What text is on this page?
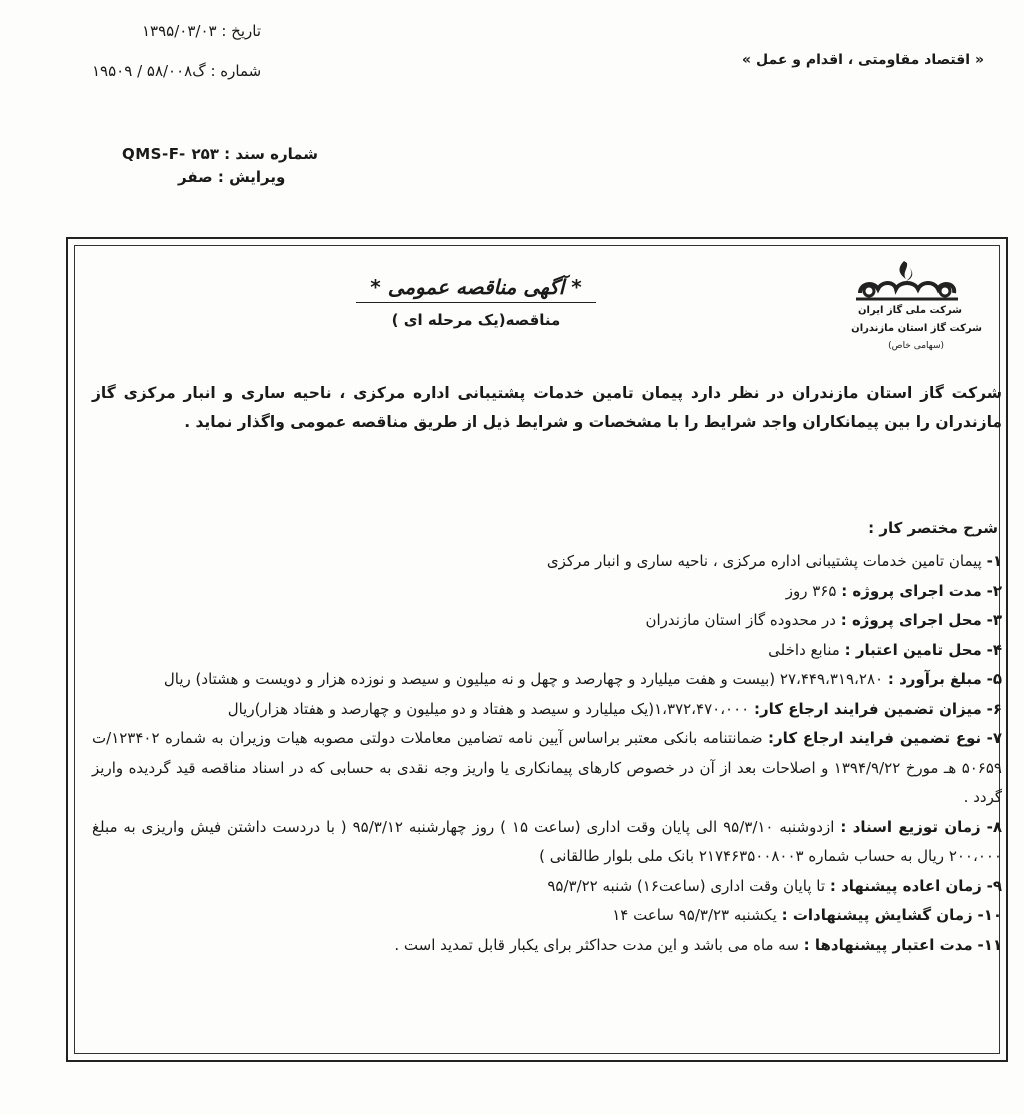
تاریخ : ۱۳۹۵/۰۳/۰۳
شماره : گ۵۸/۰۰۸ / ۱۹۵۰۹
« اقتصاد مقاومتی ، اقدام و عمل »
شماره سند : QMS-F- ۲۵۳
ویرایش : صفر
شرکت ملی گاز ایران
شرکت گاز استان مازندران
(سهامی خاص)
* آگهی مناقصه عمومی *
مناقصه(یک مرحله ای )
شرکت گاز استان مازندران در نظر دارد پیمان تامین خدمات پشتیبانی اداره مرکزی ، ناحیه ساری و انبار مرکزی گاز مازندران را بین پیمانکاران واجد شرایط را با مشخصات و شرایط ذیل از طریق مناقصه عمومی واگذار نماید .
شرح مختصر کار :
۱- پیمان تامین خدمات پشتیبانی اداره مرکزی ، ناحیه ساری و انبار مرکزی
۲- مدت اجرای پروژه : ۳۶۵ روز
۳- محل اجرای پروژه : در محدوده گاز استان مازندران
۴- محل تامین اعتبار : منابع داخلی
۵- مبلغ برآورد : ۲۷،۴۴۹،۳۱۹،۲۸۰ (بیست و هفت میلیارد و چهارصد و چهل و نه میلیون و سیصد و نوزده هزار و دویست و هشتاد) ریال
۶- میزان تضمین فرایند ارجاع کار: ۱،۳۷۲،۴۷۰،۰۰۰(یک میلیارد و سیصد و هفتاد و دو میلیون و چهارصد و هفتاد هزار)ریال
۷- نوع تضمین فرایند ارجاع کار: ضمانتنامه بانکی معتبر براساس آیین نامه تضامین معاملات دولتی مصوبه هیات وزیران به شماره ۱۲۳۴۰۲/ت ۵۰۶۵۹ هـ مورخ ۱۳۹۴/۹/۲۲ و اصلاحات بعد از آن در خصوص کارهای پیمانکاری یا واریز وجه نقدی به حسابی که در اسناد مناقصه قید گردیده واریز گردد .
۸- زمان توزیع اسناد : ازدوشنبه ۹۵/۳/۱۰ الی پایان وقت اداری (ساعت ۱۵ ) روز چهارشنبه ۹۵/۳/۱۲ ( با دردست داشتن فیش واریزی به مبلغ ۲۰۰،۰۰۰ ریال به حساب شماره ۲۱۷۴۶۳۵۰۰۸۰۰۳ بانک ملی بلوار طالقانی )
۹- زمان اعاده پیشنهاد : تا پایان وقت اداری (ساعت۱۶) شنبه ۹۵/۳/۲۲
۱۰- زمان گشایش پیشنهادات : یکشنبه ۹۵/۳/۲۳ ساعت ۱۴
۱۱- مدت اعتبار پیشنهادها : سه ماه می باشد و این مدت حداکثر برای یکبار قابل تمدید است .
